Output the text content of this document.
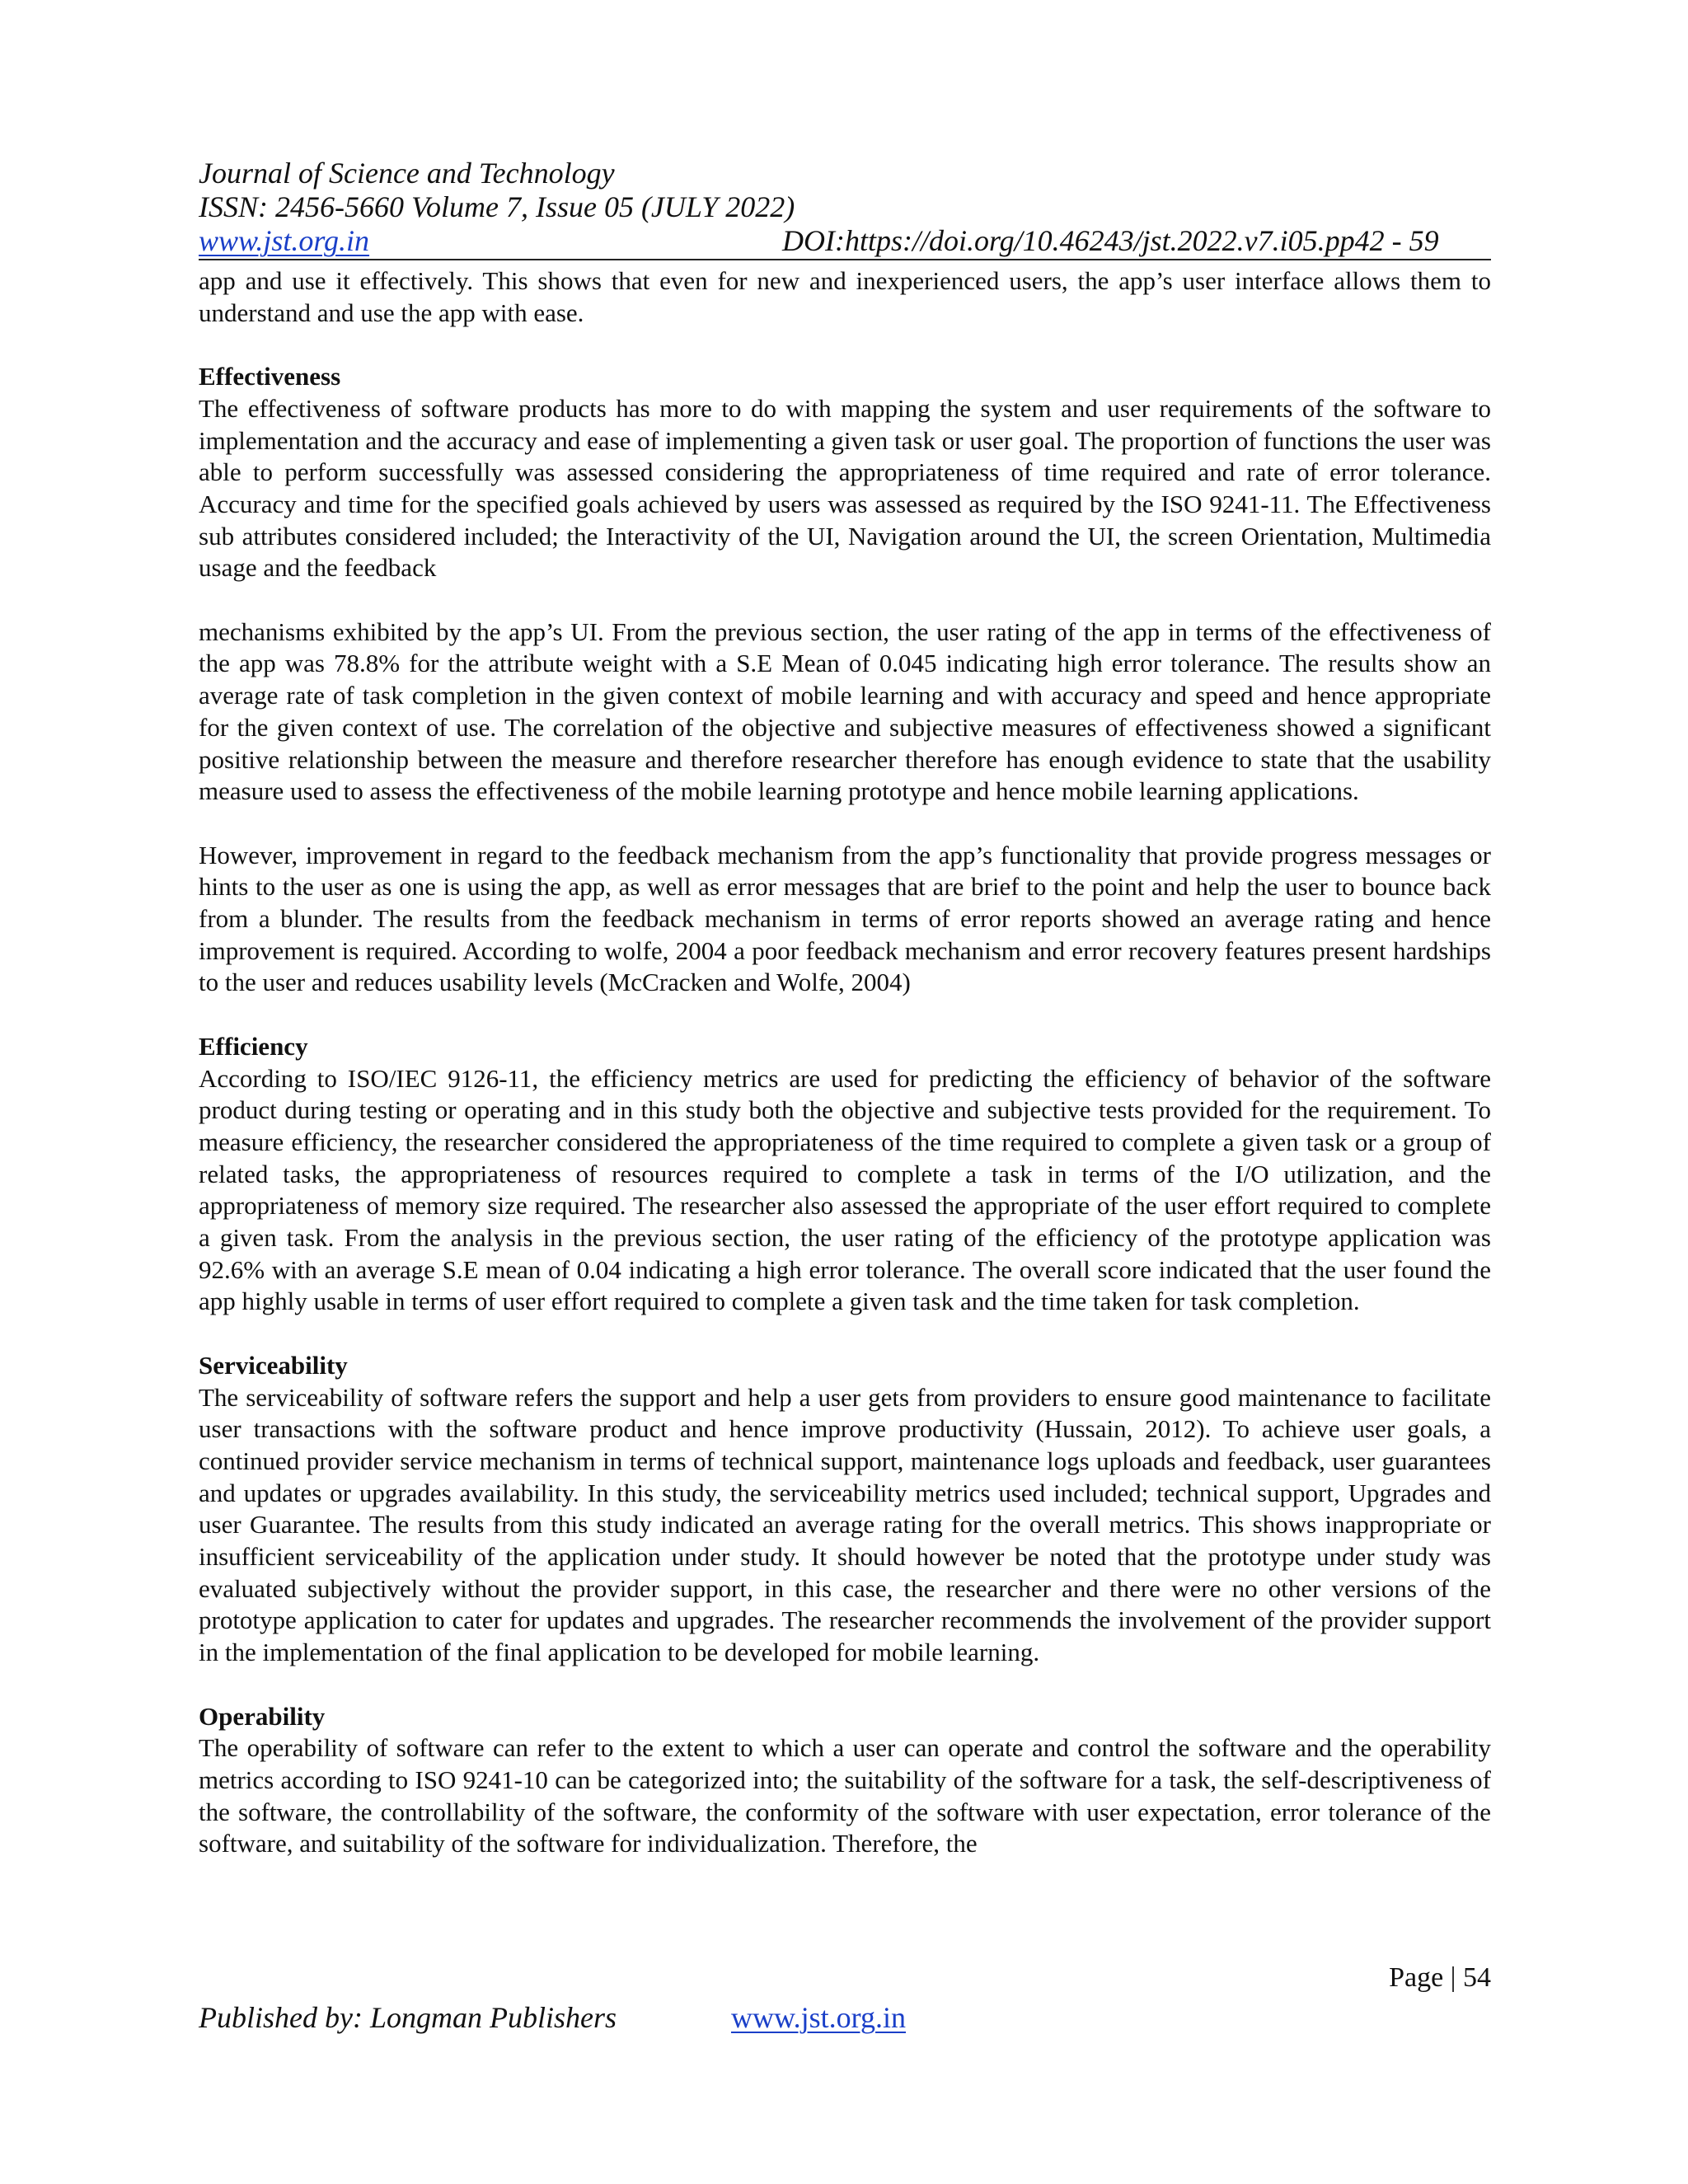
Journal of Science and Technology
ISSN: 2456-5660 Volume 7, Issue 05 (JULY 2022)
www.jst.org.in	DOI:https://doi.org/10.46243/jst.2022.v7.i05.pp42 - 59

app and use it effectively. This shows that even for new and inexperienced users, the app’s user interface allows them to understand and use the app with ease.

Effectiveness

The effectiveness of software products has more to do with mapping the system and user requirements of the software to implementation and the accuracy and ease of implementing a given task or user goal. The proportion of functions the user was able to perform successfully was assessed considering the appropriateness of time required and rate of error tolerance. Accuracy and time for the specified goals achieved by users was assessed as required by the ISO 9241-11. The Effectiveness sub attributes considered included; the Interactivity of the UI, Navigation around the UI, the screen Orientation, Multimedia usage and the feedback

mechanisms exhibited by the app’s UI. From the previous section, the user rating of the app in terms of the effectiveness of the app was 78.8% for the attribute weight with a S.E Mean of 0.045 indicating high error tolerance. The results show an average rate of task completion in the given context of mobile learning and with accuracy and speed and hence appropriate for the given context of use. The correlation of the objective and subjective measures of effectiveness showed a significant positive relationship between the measure and therefore researcher therefore has enough evidence to state that the usability measure used to assess the effectiveness of the mobile learning prototype and hence mobile learning applications.

However, improvement in regard to the feedback mechanism from the app’s functionality that provide progress messages or hints to the user as one is using the app, as well as error messages that are brief to the point and help the user to bounce back from a blunder. The results from the feedback mechanism in terms of error reports showed an average rating and hence improvement is required. According to wolfe, 2004 a poor feedback mechanism and error recovery features present hardships to the user and reduces usability levels (McCracken and Wolfe, 2004)

Efficiency

According to ISO/IEC 9126-11, the efficiency metrics are used for predicting the efficiency of behavior of the software product during testing or operating and in this study both the objective and subjective tests provided for the requirement. To measure efficiency, the researcher considered the appropriateness of the time required to complete a given task or a group of related tasks, the appropriateness of resources required to complete a task in terms of the I/O utilization, and the appropriateness of memory size required. The researcher also assessed the appropriate of the user effort required to complete a given task. From the analysis in the previous section, the user rating of the efficiency of the prototype application was 92.6% with an average S.E mean of 0.04 indicating a high error tolerance. The overall score indicated that the user found the app highly usable in terms of user effort required to complete a given task and the time taken for task completion.

Serviceability

The serviceability of software refers the support and help a user gets from providers to ensure good maintenance to facilitate user transactions with the software product and hence improve productivity (Hussain, 2012). To achieve user goals, a continued provider service mechanism in terms of technical support, maintenance logs uploads and feedback, user guarantees and updates or upgrades availability. In this study, the serviceability metrics used included; technical support, Upgrades and user Guarantee. The results from this study indicated an average rating for the overall metrics. This shows inappropriate or insufficient serviceability of the application under study. It should however be noted that the prototype under study was evaluated subjectively without the provider support, in this case, the researcher and there were no other versions of the prototype application to cater for updates and upgrades. The researcher recommends the involvement of the provider support in the implementation of the final application to be developed for mobile learning.

Operability

The operability of software can refer to the extent to which a user can operate and control the software and the operability metrics according to ISO 9241-10 can be categorized into; the suitability of the software for a task, the self-descriptiveness of the software, the controllability of the software, the conformity of the software with user expectation, error tolerance of the software, and suitability of the software for individualization. Therefore, the

Page | 54
Published by: Longman Publishers	www.jst.org.in
